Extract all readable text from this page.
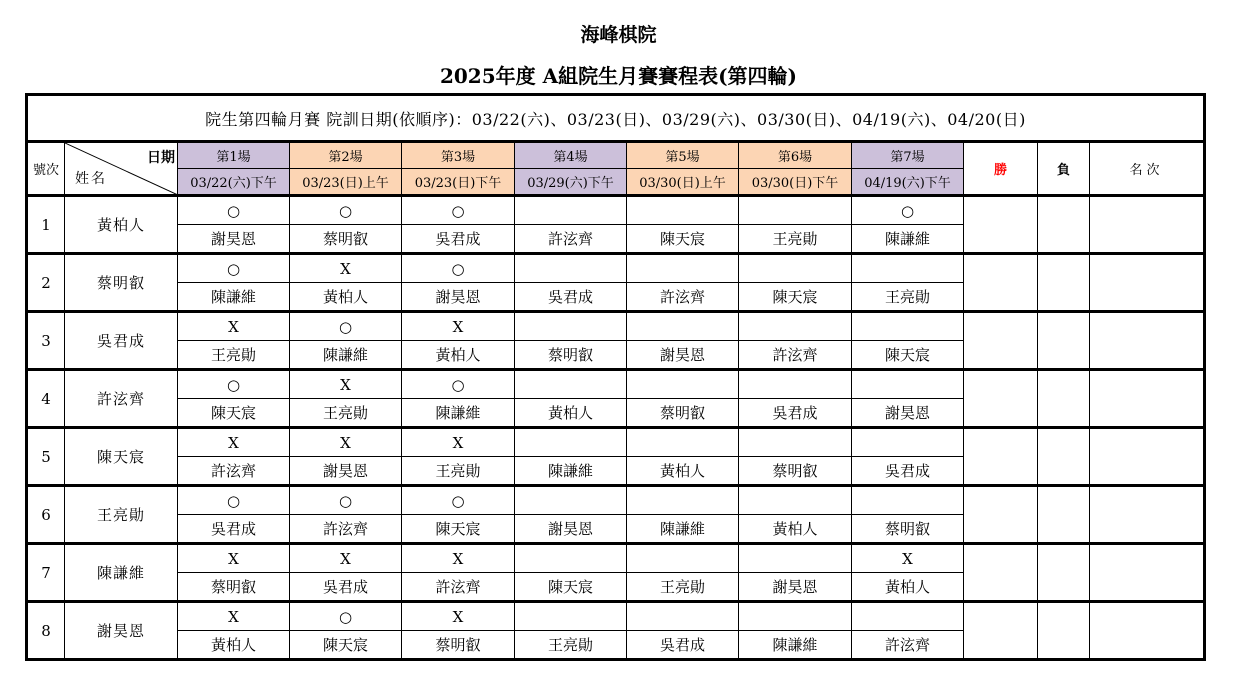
海峰棋院
2025年度 A組院生月賽賽程表(第四輪)
院生第四輪月賽 院訓日期(依順序)：03/22(六)、03/23(日)、03/29(六)、03/30(日)、04/19(六)、04/20(日)											
號次	日期
姓名	第1場	第2場	第3場	第4場	第5場	第6場	第7場	勝	負	名次
		03/22(六)下午	03/23(日)上午	03/23(日)下午	03/29(六)下午	03/30(日)上午	03/30(日)下午	04/19(六)下午			
1	黃柏人	○	○	○				○			
		謝昊恩	蔡明叡	吳君成	許泫齊	陳天宸	王亮勛	陳謙維			
2	蔡明叡	○	X	○							
		陳謙維	黃柏人	謝昊恩	吳君成	許泫齊	陳天宸	王亮勛			
3	吳君成	X	○	X							
		王亮勛	陳謙維	黃柏人	蔡明叡	謝昊恩	許泫齊	陳天宸			
4	許泫齊	○	X	○							
		陳天宸	王亮勛	陳謙維	黃柏人	蔡明叡	吳君成	謝昊恩			
5	陳天宸	X	X	X							
		許泫齊	謝昊恩	王亮勛	陳謙維	黃柏人	蔡明叡	吳君成			
6	王亮勛	○	○	○							
		吳君成	許泫齊	陳天宸	謝昊恩	陳謙維	黃柏人	蔡明叡			
7	陳謙維	X	X	X				X			
		蔡明叡	吳君成	許泫齊	陳天宸	王亮勛	謝昊恩	黃柏人			
8	謝昊恩	X	○	X							
		黃柏人	陳天宸	蔡明叡	王亮勛	吳君成	陳謙維	許泫齊			
